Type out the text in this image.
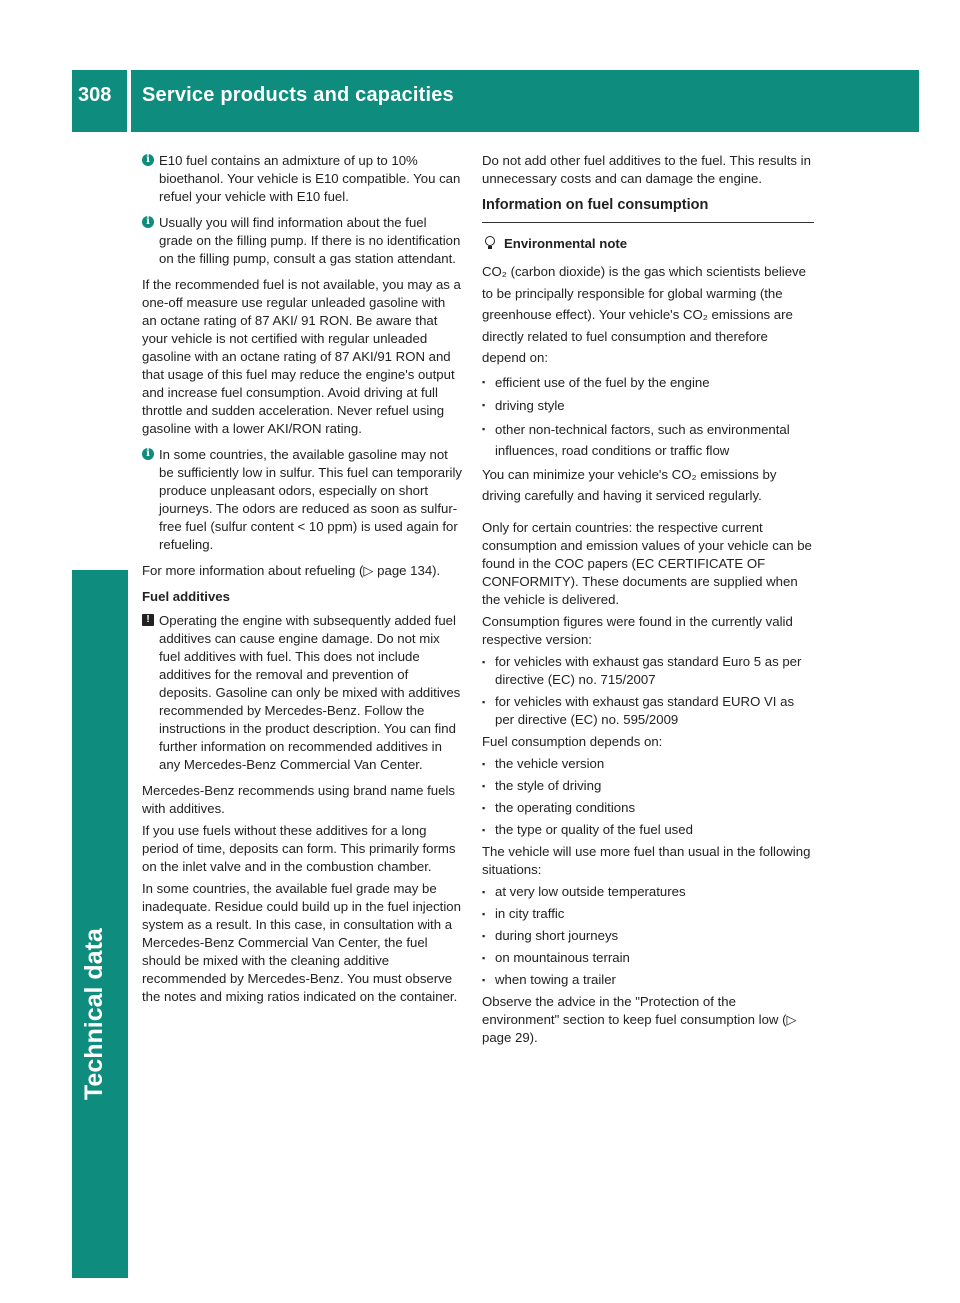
308	Service products and capacities
Technical data
i E10 fuel contains an admixture of up to 10% bioethanol. Your vehicle is E10 compatible. You can refuel your vehicle with E10 fuel.
i Usually you will find information about the fuel grade on the filling pump. If there is no identification on the filling pump, consult a gas station attendant.

If the recommended fuel is not available, you may as a one-off measure use regular unleaded gasoline with an octane rating of 87 AKI/ 91 RON. Be aware that your vehicle is not certified with regular unleaded gasoline with an octane rating of 87 AKI/91 RON and that usage of this fuel may reduce the engine's output and increase fuel consumption. Avoid driving at full throttle and sudden acceleration. Never refuel using gasoline with a lower AKI/RON rating.

i In some countries, the available gasoline may not be sufficiently low in sulfur. This fuel can temporarily produce unpleasant odors, especially on short journeys. The odors are reduced as soon as sulfur-free fuel (sulfur content < 10 ppm) is used again for refueling.

For more information about refueling (▷ page 134).

Fuel additives
! Operating the engine with subsequently added fuel additives can cause engine damage. Do not mix fuel additives with fuel. This does not include additives for the removal and prevention of deposits. Gasoline can only be mixed with additives recommended by Mercedes-Benz. Follow the instructions in the product description. You can find further information on recommended additives in any Mercedes-Benz Commercial Van Center.

Mercedes-Benz recommends using brand name fuels with additives.

If you use fuels without these additives for a long period of time, deposits can form. This primarily forms on the inlet valve and in the combustion chamber.

In some countries, the available fuel grade may be inadequate. Residue could build up in the fuel injection system as a result. In this case, in consultation with a Mercedes-Benz Commercial Van Center, the fuel should be mixed with the cleaning additive recommended by Mercedes-Benz. You must observe the notes and mixing ratios indicated on the container.

Do not add other fuel additives to the fuel. This results in unnecessary costs and can damage the engine.

Information on fuel consumption
Environmental note

CO₂ (carbon dioxide) is the gas which scientists believe to be principally responsible for global warming (the greenhouse effect). Your vehicle's CO₂ emissions are directly related to fuel consumption and therefore depend on:

▪ efficient use of the fuel by the engine
▪ driving style
▪ other non-technical factors, such as environmental influences, road conditions or traffic flow

You can minimize your vehicle's CO₂ emissions by driving carefully and having it serviced regularly.

Only for certain countries: the respective current consumption and emission values of your vehicle can be found in the COC papers (EC CERTIFICATE OF CONFORMITY). These documents are supplied when the vehicle is delivered.

Consumption figures were found in the currently valid respective version:

▪ for vehicles with exhaust gas standard Euro 5 as per directive (EC) no. 715/2007
▪ for vehicles with exhaust gas standard EURO VI as per directive (EC) no. 595/2009

Fuel consumption depends on:

▪ the vehicle version
▪ the style of driving
▪ the operating conditions
▪ the type or quality of the fuel used

The vehicle will use more fuel than usual in the following situations:

▪ at very low outside temperatures
▪ in city traffic
▪ during short journeys
▪ on mountainous terrain
▪ when towing a trailer

Observe the advice in the "Protection of the environment" section to keep fuel consumption low (▷ page 29).
